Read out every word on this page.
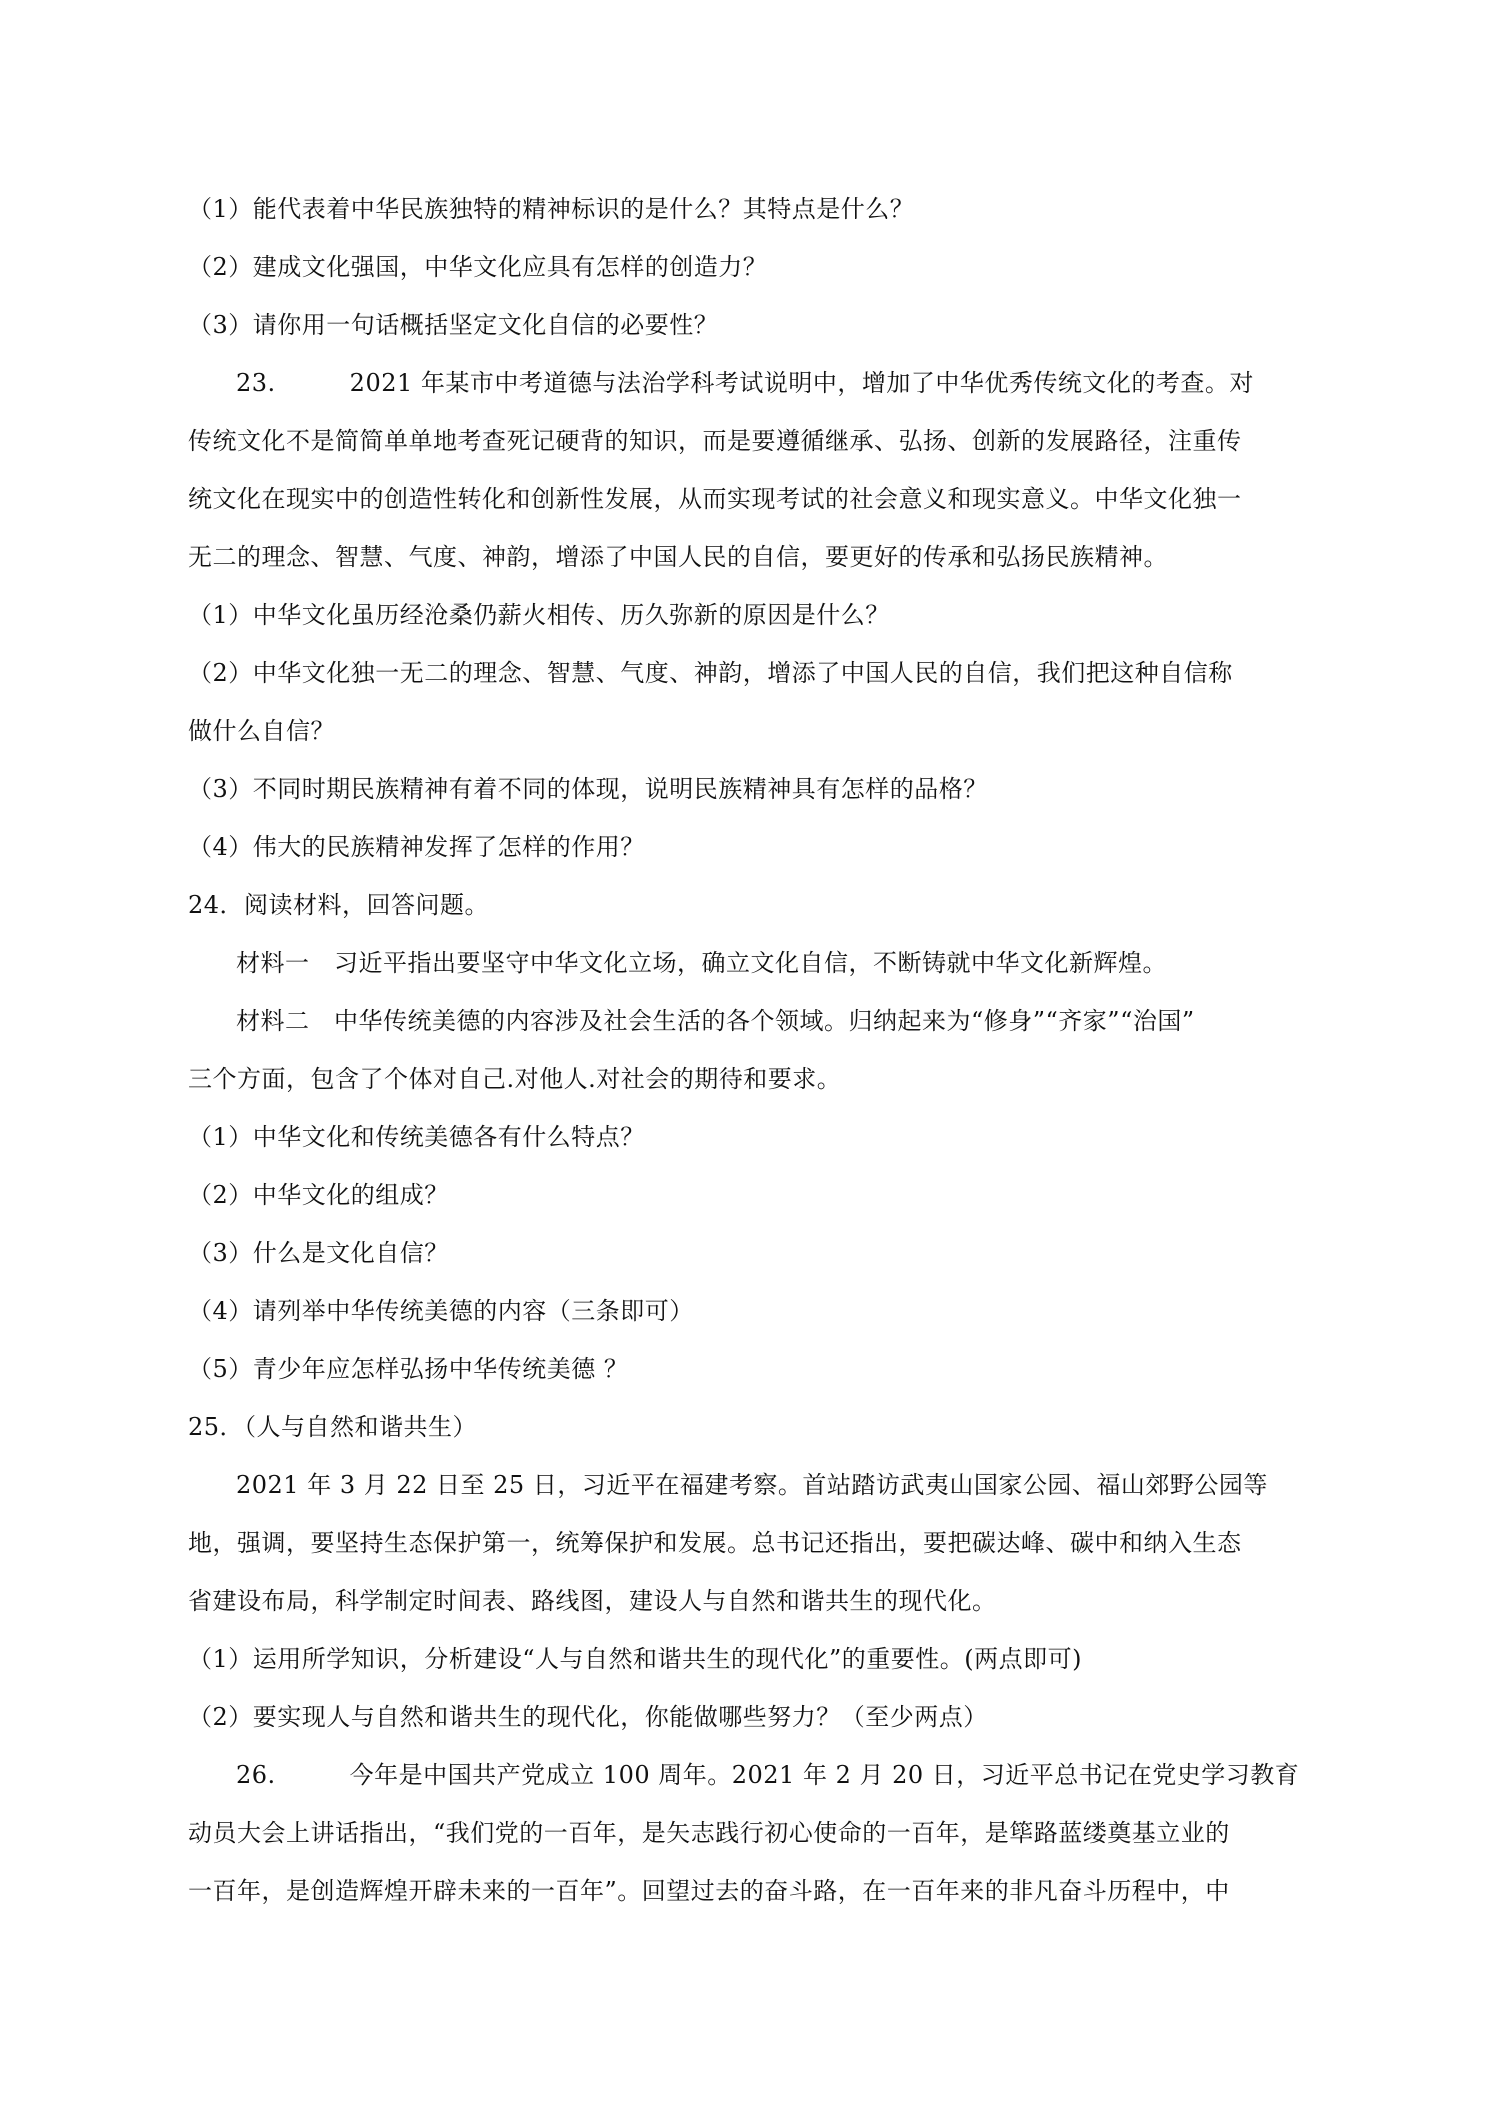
（1）能代表着中华民族独特的精神标识的是什么？其特点是什么？
（2）建成文化强国，中华文化应具有怎样的创造力？
（3）请你用一句话概括坚定文化自信的必要性？
23.	2021 年某市中考道德与法治学科考试说明中，增加了中华优秀传统文化的考查。对
传统文化不是简简单单地考查死记硬背的知识，而是要遵循继承、弘扬、创新的发展路径，注重传
统文化在现实中的创造性转化和创新性发展，从而实现考试的社会意义和现实意义。中华文化独一
无二的理念、智慧、气度、神韵，增添了中国人民的自信，要更好的传承和弘扬民族精神。
（1）中华文化虽历经沧桑仍薪火相传、历久弥新的原因是什么？
（2）中华文化独一无二的理念、智慧、气度、神韵，增添了中国人民的自信，我们把这种自信称
做什么自信？
（3）不同时期民族精神有着不同的体现，说明民族精神具有怎样的品格？
（4）伟大的民族精神发挥了怎样的作用？
24．阅读材料，回答问题。
材料一　习近平指出要坚守中华文化立场，确立文化自信，不断铸就中华文化新辉煌。
材料二　中华传统美德的内容涉及社会生活的各个领域。归纳起来为“修身”“齐家”“治国”
三个方面，包含了个体对自己.对他人.对社会的期待和要求。
（1）中华文化和传统美德各有什么特点？
（2）中华文化的组成？
（3）什么是文化自信？
（4）请列举中华传统美德的内容（三条即可）
（5）青少年应怎样弘扬中华传统美德 ？
25．（人与自然和谐共生）
2021 年 3 月 22 日至 25 日，习近平在福建考察。首站踏访武夷山国家公园、福山郊野公园等
地，强调，要坚持生态保护第一，统筹保护和发展。总书记还指出，要把碳达峰、碳中和纳入生态
省建设布局，科学制定时间表、路线图，建设人与自然和谐共生的现代化。
（1）运用所学知识，分析建设“人与自然和谐共生的现代化”的重要性。(两点即可)
（2）要实现人与自然和谐共生的现代化，你能做哪些努力？（至少两点）
26.	今年是中国共产党成立 100 周年。2021 年 2 月 20 日，习近平总书记在党史学习教育
动员大会上讲话指出，“我们党的一百年，是矢志践行初心使命的一百年，是筚路蓝缕奠基立业的
一百年，是创造辉煌开辟未来的一百年”。回望过去的奋斗路，在一百年来的非凡奋斗历程中，中
